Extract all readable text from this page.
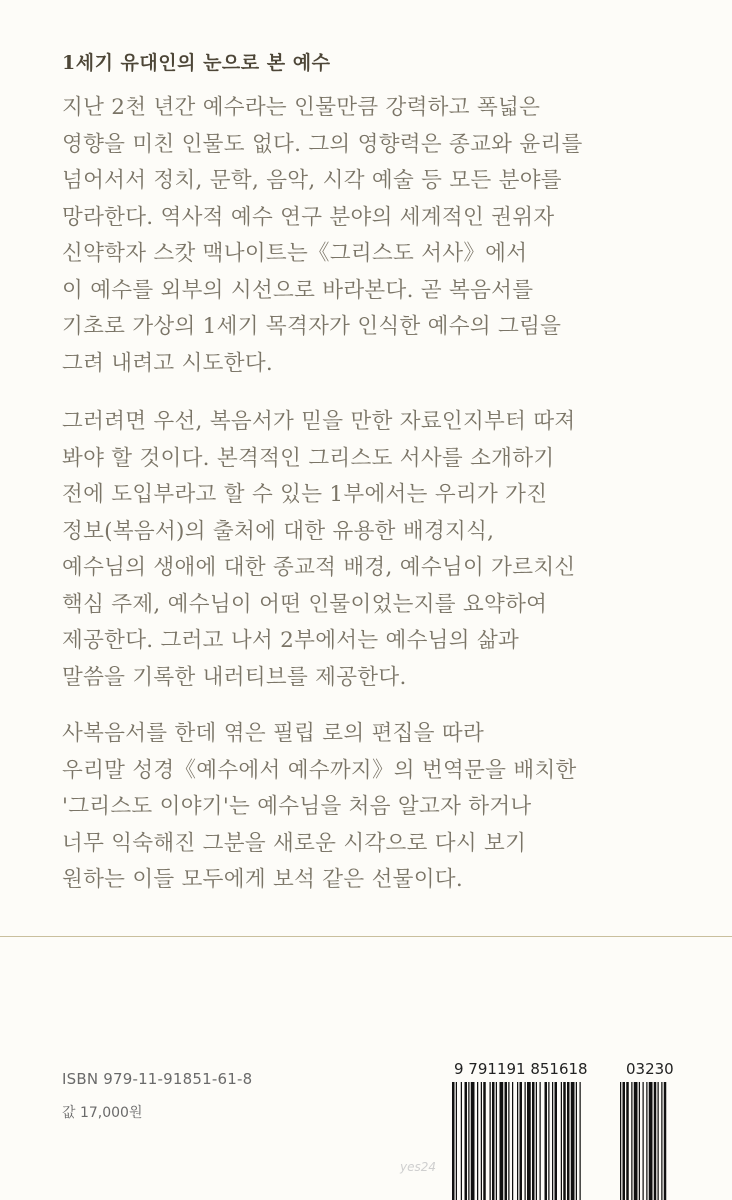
1세기 유대인의 눈으로 본 예수
지난 2천 년간 예수라는 인물만큼 강력하고 폭넓은
영향을 미친 인물도 없다. 그의 영향력은 종교와 윤리를
넘어서서 정치, 문학, 음악, 시각 예술 등 모든 분야를
망라한다. 역사적 예수 연구 분야의 세계적인 권위자
신약학자 스캇 맥나이트는《그리스도 서사》에서
이 예수를 외부의 시선으로 바라본다. 곧 복음서를
기초로 가상의 1세기 목격자가 인식한 예수의 그림을
그려 내려고 시도한다.
그러려면 우선, 복음서가 믿을 만한 자료인지부터 따져
봐야 할 것이다. 본격적인 그리스도 서사를 소개하기
전에 도입부라고 할 수 있는 1부에서는 우리가 가진
정보(복음서)의 출처에 대한 유용한 배경지식,
예수님의 생애에 대한 종교적 배경, 예수님이 가르치신
핵심 주제, 예수님이 어떤 인물이었는지를 요약하여
제공한다. 그러고 나서 2부에서는 예수님의 삶과
말씀을 기록한 내러티브를 제공한다.
사복음서를 한데 엮은 필립 로의 편집을 따라
우리말 성경《예수에서 예수까지》의 번역문을 배치한
'그리스도 이야기'는 예수님을 처음 알고자 하거나
너무 익숙해진 그분을 새로운 시각으로 다시 보기
원하는 이들 모두에게 보석 같은 선물이다.
ISBN 979-11-91851-61-8
값 17,000원
9 791191 851618	03230
yes24
